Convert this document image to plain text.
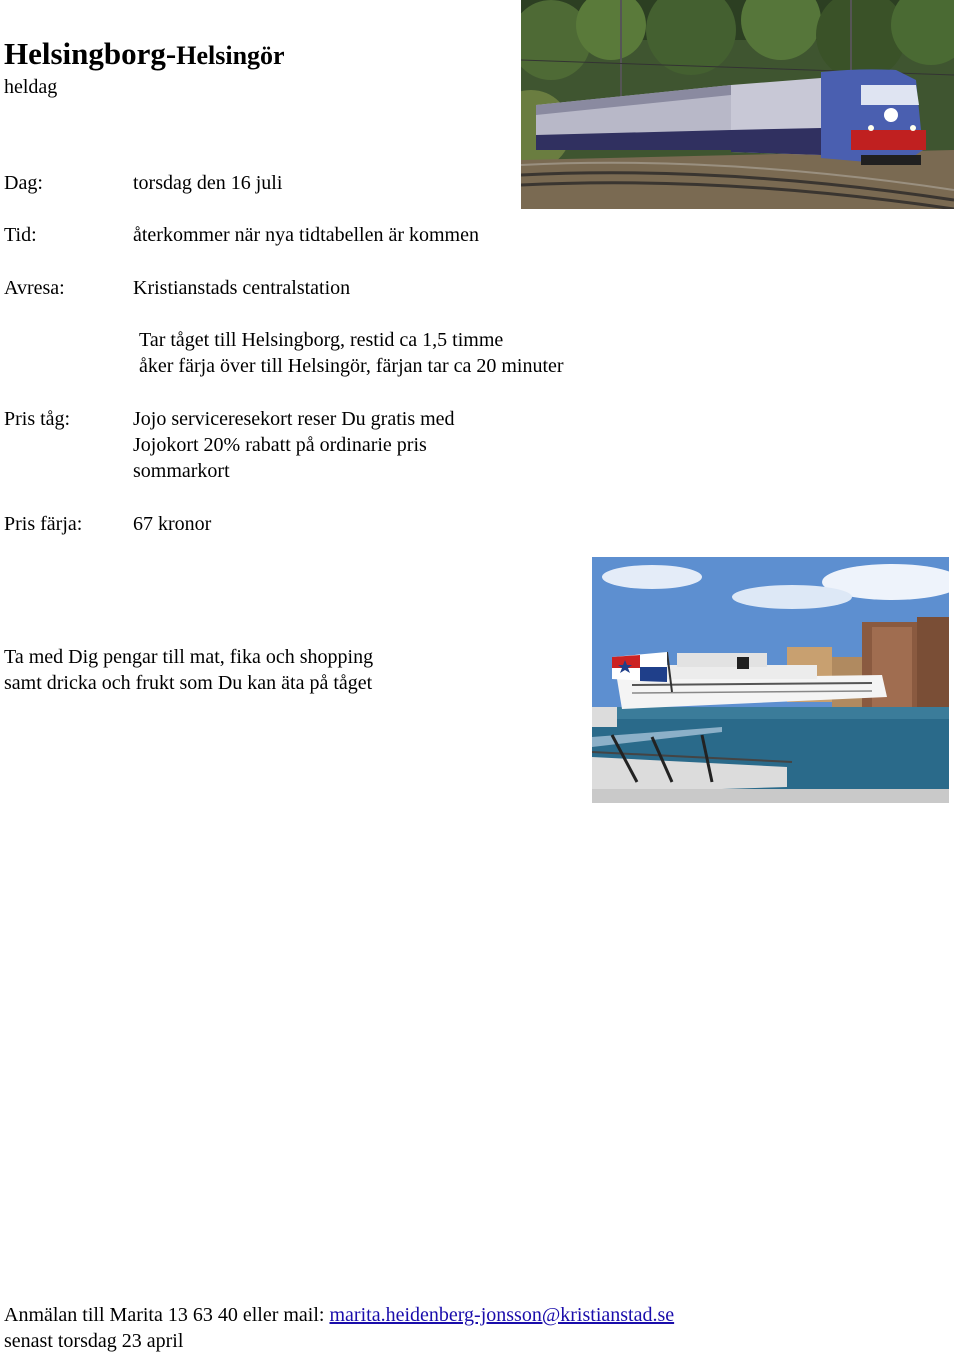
Helsingborg-Helsingör
heldag
Dag:	torsdag den 16 juli
Tid:	återkommer när nya tidtabellen är kommen
Avresa:	Kristianstads centralstation
Tar tåget till Helsingborg, restid ca 1,5 timme
åker färja över till Helsingör, färjan tar ca 20 minuter
Pris tåg:	Jojo serviceresekort reser Du gratis med
Jojokort 20% rabatt på ordinarie pris
sommarkort
Pris färja:	67 kronor
Ta med Dig pengar till mat, fika och shopping
samt dricka och frukt som Du kan äta på tåget
Anmälan till Marita 13 63 40 eller mail: marita.heidenberg-jonsson@kristianstad.se
senast torsdag 23 april
